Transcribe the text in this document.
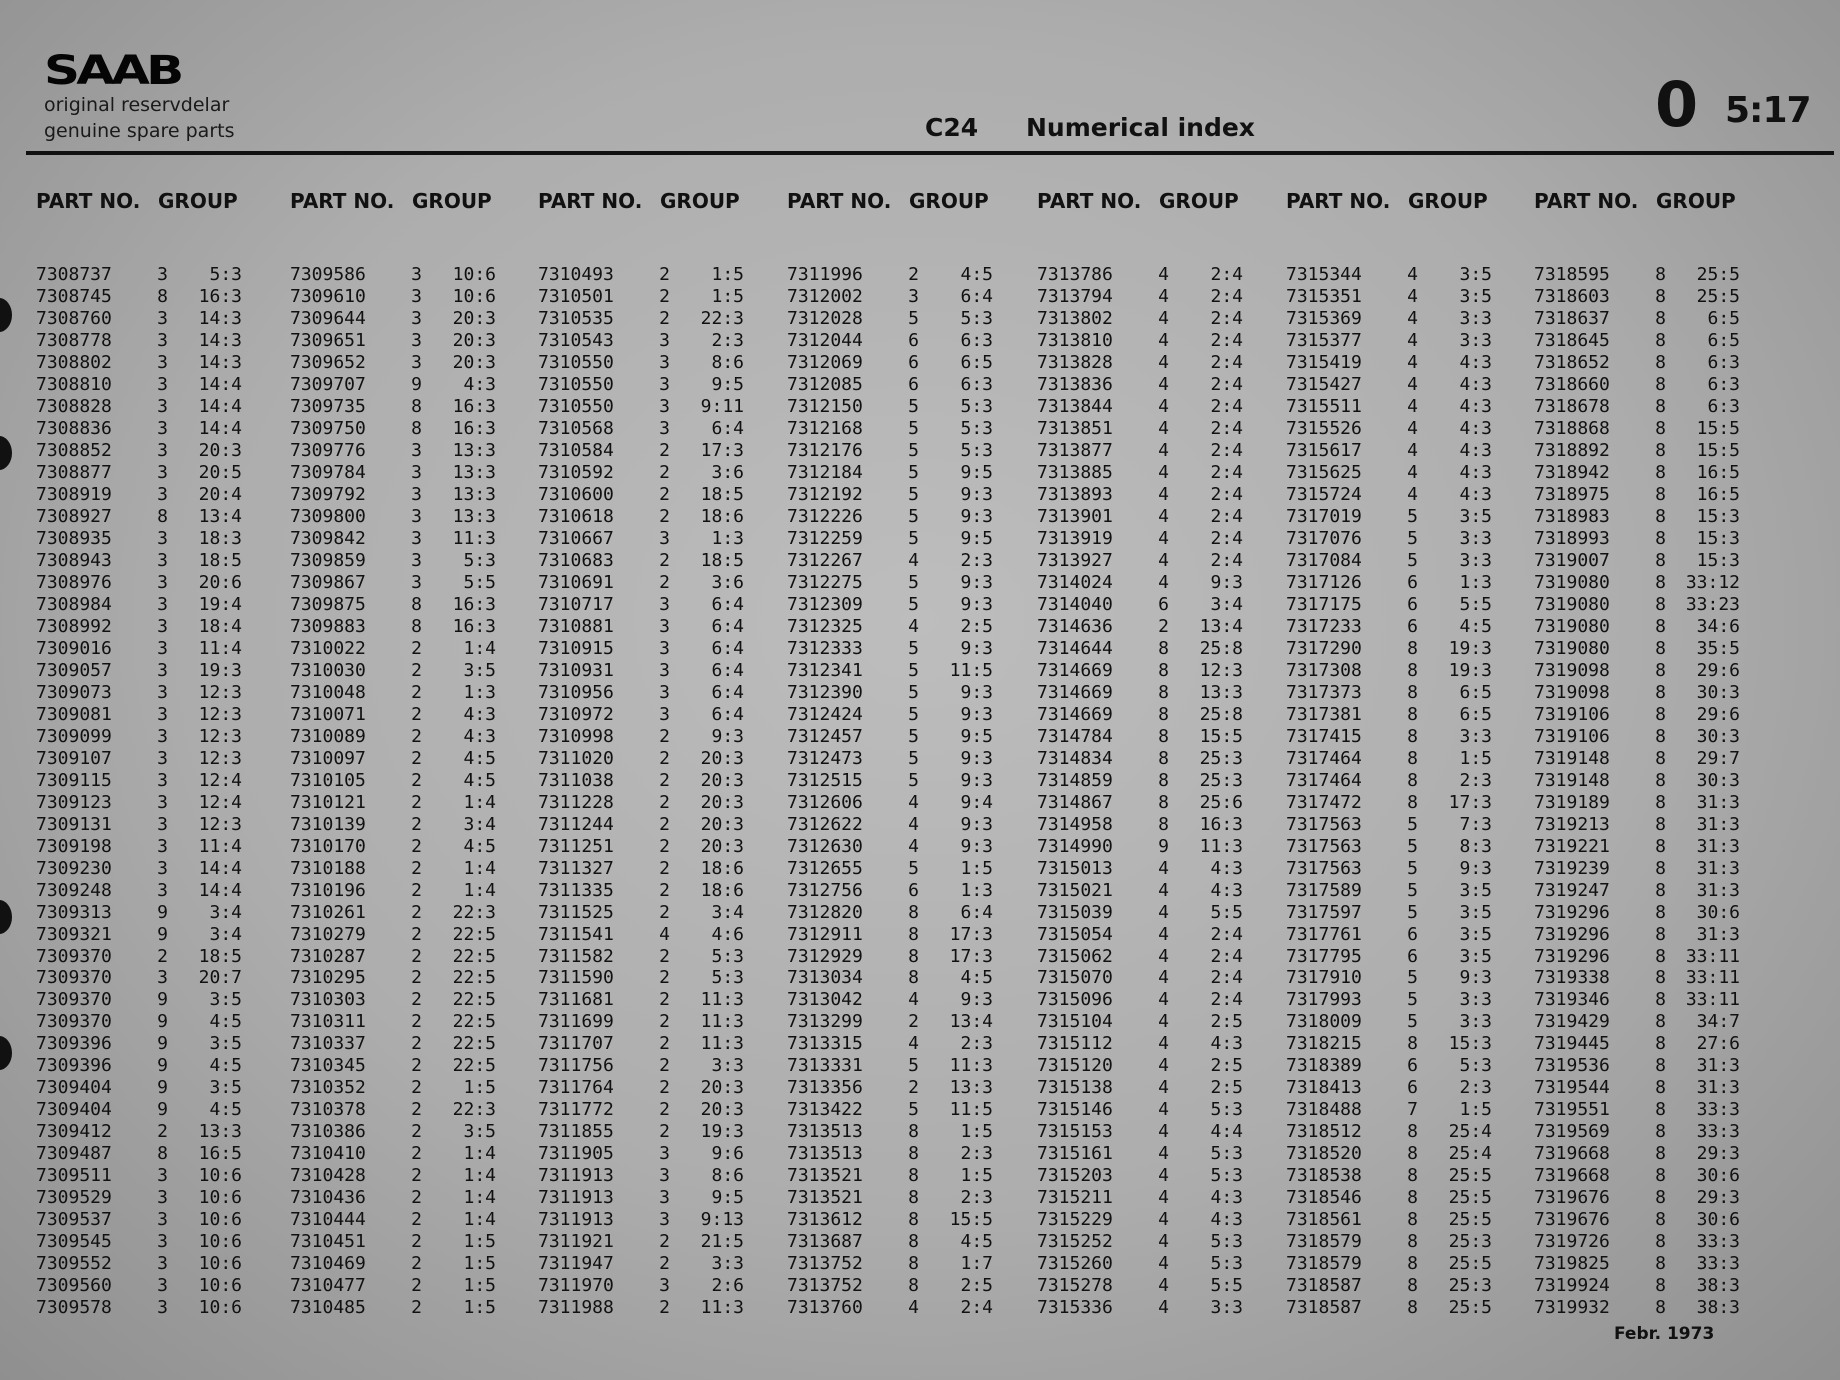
SAAB
original reservdelar
genuine spare parts	C24 Numerical index	0 5:17
PART NO. GROUP
7308737	3	5:3
7308745	8	16:3
7308760	3	14:3
7308778	3	14:3
7308802	3	14:3
7308810	3	14:4
7308828	3	14:4
7308836	3	14:4
7308852	3	20:3
7308877	3	20:5
7308919	3	20:4
7308927	8	13:4
7308935	3	18:3
7308943	3	18:5
7308976	3	20:6
7308984	3	19:4
7308992	3	18:4
7309016	3	11:4
7309057	3	19:3
7309073	3	12:3
7309081	3	12:3
7309099	3	12:3
7309107	3	12:3
7309115	3	12:4
7309123	3	12:4
7309131	3	12:3
7309198	3	11:4
7309230	3	14:4
7309248	3	14:4
7309313	9	3:4
7309321	9	3:4
7309370	2	18:5
7309370	3	20:7
7309370	9	3:5
7309370	9	4:5
7309396	9	3:5
7309396	9	4:5
7309404	9	3:5
7309404	9	4:5
7309412	2	13:3
7309487	8	16:5
7309511	3	10:6
7309529	3	10:6
7309537	3	10:6
7309545	3	10:6
7309552	3	10:6
7309560	3	10:6
7309578	3	10:6
PART NO. GROUP
7309586	3	10:6
7309610	3	10:6
7309644	3	20:3
7309651	3	20:3
7309652	3	20:3
7309707	9	4:3
7309735	8	16:3
7309750	8	16:3
7309776	3	13:3
7309784	3	13:3
7309792	3	13:3
7309800	3	13:3
7309842	3	11:3
7309859	3	5:3
7309867	3	5:5
7309875	8	16:3
7309883	8	16:3
7310022	2	1:4
7310030	2	3:5
7310048	2	1:3
7310071	2	4:3
7310089	2	4:3
7310097	2	4:5
7310105	2	4:5
7310121	2	1:4
7310139	2	3:4
7310170	2	4:5
7310188	2	1:4
7310196	2	1:4
7310261	2	22:3
7310279	2	22:5
7310287	2	22:5
7310295	2	22:5
7310303	2	22:5
7310311	2	22:5
7310337	2	22:5
7310345	2	22:5
7310352	2	1:5
7310378	2	22:3
7310386	2	3:5
7310410	2	1:4
7310428	2	1:4
7310436	2	1:4
7310444	2	1:4
7310451	2	1:5
7310469	2	1:5
7310477	2	1:5
7310485	2	1:5
PART NO. GROUP
7310493	2	1:5
7310501	2	1:5
7310535	2	22:3
7310543	3	2:3
7310550	3	8:6
7310550	3	9:5
7310550	3	9:11
7310568	3	6:4
7310584	2	17:3
7310592	2	3:6
7310600	2	18:5
7310618	2	18:6
7310667	3	1:3
7310683	2	18:5
7310691	2	3:6
7310717	3	6:4
7310881	3	6:4
7310915	3	6:4
7310931	3	6:4
7310956	3	6:4
7310972	3	6:4
7310998	2	9:3
7311020	2	20:3
7311038	2	20:3
7311228	2	20:3
7311244	2	20:3
7311251	2	20:3
7311327	2	18:6
7311335	2	18:6
7311525	2	3:4
7311541	4	4:6
7311582	2	5:3
7311590	2	5:3
7311681	2	11:3
7311699	2	11:3
7311707	2	11:3
7311756	2	3:3
7311764	2	20:3
7311772	2	20:3
7311855	2	19:3
7311905	3	9:6
7311913	3	8:6
7311913	3	9:5
7311913	3	9:13
7311921	2	21:5
7311947	2	3:3
7311970	3	2:6
7311988	2	11:3
PART NO. GROUP
7311996	2	4:5
7312002	3	6:4
7312028	5	5:3
7312044	6	6:3
7312069	6	6:5
7312085	6	6:3
7312150	5	5:3
7312168	5	5:3
7312176	5	5:3
7312184	5	9:5
7312192	5	9:3
7312226	5	9:3
7312259	5	9:5
7312267	4	2:3
7312275	5	9:3
7312309	5	9:3
7312325	4	2:5
7312333	5	9:3
7312341	5	11:5
7312390	5	9:3
7312424	5	9:3
7312457	5	9:5
7312473	5	9:3
7312515	5	9:3
7312606	4	9:4
7312622	4	9:3
7312630	4	9:3
7312655	5	1:5
7312756	6	1:3
7312820	8	6:4
7312911	8	17:3
7312929	8	17:3
7313034	8	4:5
7313042	4	9:3
7313299	2	13:4
7313315	4	2:3
7313331	5	11:3
7313356	2	13:3
7313422	5	11:5
7313513	8	1:5
7313513	8	2:3
7313521	8	1:5
7313521	8	2:3
7313612	8	15:5
7313687	8	4:5
7313752	8	1:7
7313752	8	2:5
7313760	4	2:4
PART NO. GROUP
7313786	4	2:4
7313794	4	2:4
7313802	4	2:4
7313810	4	2:4
7313828	4	2:4
7313836	4	2:4
7313844	4	2:4
7313851	4	2:4
7313877	4	2:4
7313885	4	2:4
7313893	4	2:4
7313901	4	2:4
7313919	4	2:4
7313927	4	2:4
7314024	4	9:3
7314040	6	3:4
7314636	2	13:4
7314644	8	25:8
7314669	8	12:3
7314669	8	13:3
7314669	8	25:8
7314784	8	15:5
7314834	8	25:3
7314859	8	25:3
7314867	8	25:6
7314958	8	16:3
7314990	9	11:3
7315013	4	4:3
7315021	4	4:3
7315039	4	5:5
7315054	4	2:4
7315062	4	2:4
7315070	4	2:4
7315096	4	2:4
7315104	4	2:5
7315112	4	4:3
7315120	4	2:5
7315138	4	2:5
7315146	4	5:3
7315153	4	4:4
7315161	4	5:3
7315203	4	5:3
7315211	4	4:3
7315229	4	4:3
7315252	4	5:3
7315260	4	5:3
7315278	4	5:5
7315336	4	3:3
PART NO. GROUP
7315344	4	3:5
7315351	4	3:5
7315369	4	3:3
7315377	4	3:3
7315419	4	4:3
7315427	4	4:3
7315511	4	4:3
7315526	4	4:3
7315617	4	4:3
7315625	4	4:3
7315724	4	4:3
7317019	5	3:5
7317076	5	3:3
7317084	5	3:3
7317126	6	1:3
7317175	6	5:5
7317233	6	4:5
7317290	8	19:3
7317308	8	19:3
7317373	8	6:5
7317381	8	6:5
7317415	8	3:3
7317464	8	1:5
7317464	8	2:3
7317472	8	17:3
7317563	5	7:3
7317563	5	8:3
7317563	5	9:3
7317589	5	3:5
7317597	5	3:5
7317761	6	3:5
7317795	6	3:5
7317910	5	9:3
7317993	5	3:3
7318009	5	3:3
7318215	8	15:3
7318389	6	5:3
7318413	6	2:3
7318488	7	1:5
7318512	8	25:4
7318520	8	25:4
7318538	8	25:5
7318546	8	25:5
7318561	8	25:5
7318579	8	25:3
7318579	8	25:5
7318587	8	25:3
7318587	8	25:5
PART NO. GROUP
7318595	8	25:5
7318603	8	25:5
7318637	8	6:5
7318645	8	6:5
7318652	8	6:3
7318660	8	6:3
7318678	8	6:3
7318868	8	15:5
7318892	8	15:5
7318942	8	16:5
7318975	8	16:5
7318983	8	15:3
7318993	8	15:3
7319007	8	15:3
7319080	8	33:12
7319080	8	33:23
7319080	8	34:6
7319080	8	35:5
7319098	8	29:6
7319098	8	30:3
7319106	8	29:6
7319106	8	30:3
7319148	8	29:7
7319148	8	30:3
7319189	8	31:3
7319213	8	31:3
7319221	8	31:3
7319239	8	31:3
7319247	8	31:3
7319296	8	30:6
7319296	8	31:3
7319296	8	33:11
7319338	8	33:11
7319346	8	33:11
7319429	8	34:7
7319445	8	27:6
7319536	8	31:3
7319544	8	31:3
7319551	8	33:3
7319569	8	33:3
7319668	8	29:3
7319668	8	30:6
7319676	8	29:3
7319676	8	30:6
7319726	8	33:3
7319825	8	33:3
7319924	8	38:3
7319932	8	38:3
Febr. 1973
